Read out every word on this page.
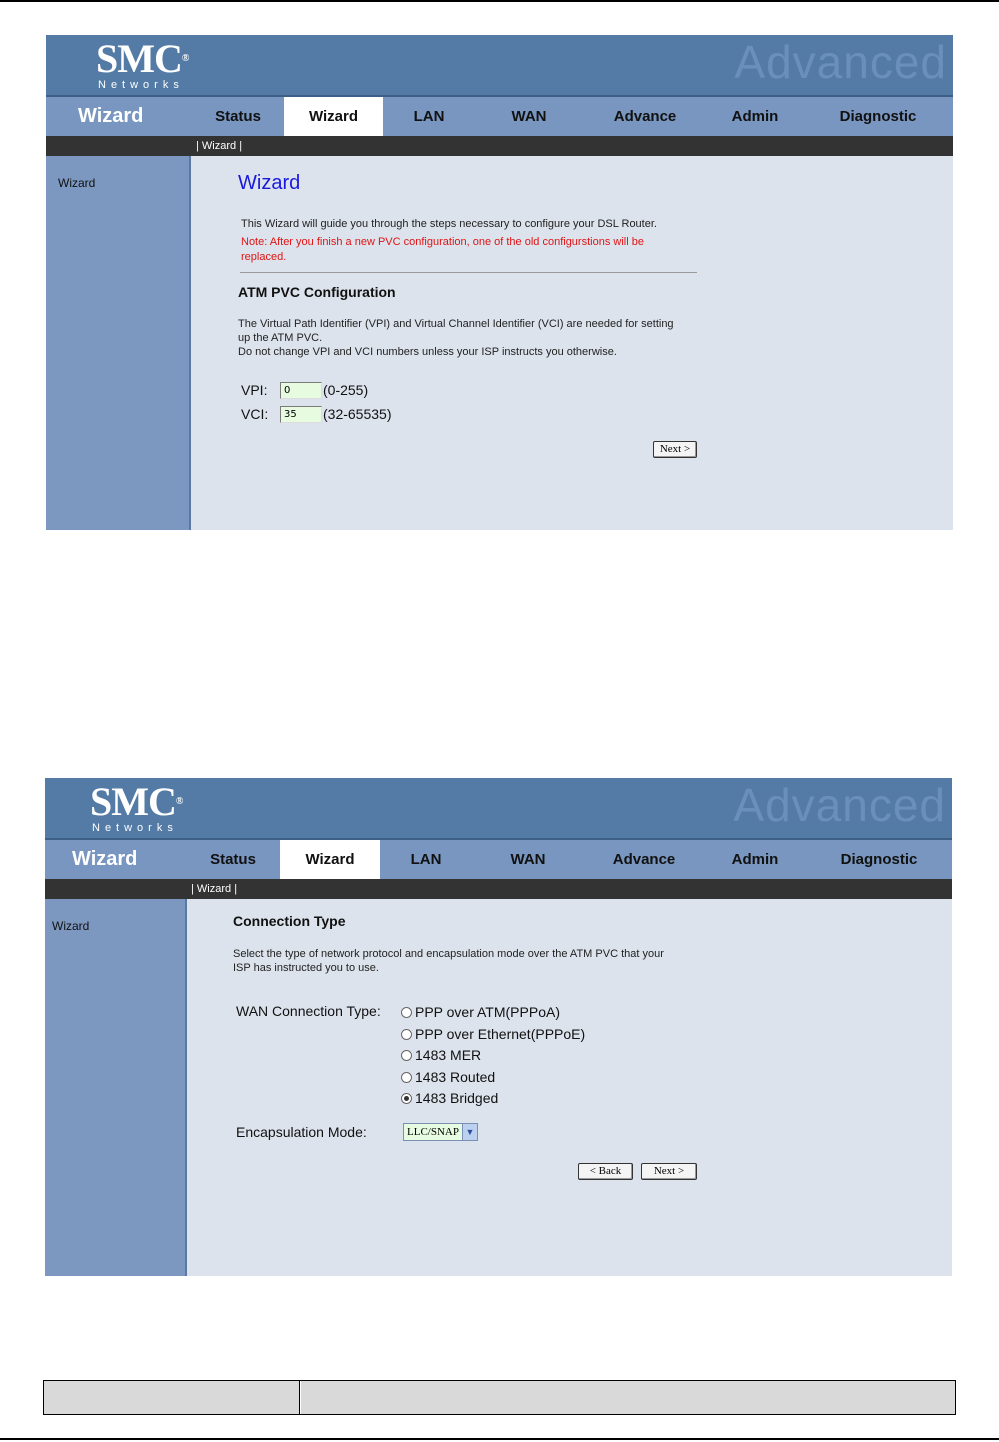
SMC®
Networks	Advanced
Wizard	Status	Wizard	LAN	WAN	Advance	Admin	Diagnostic
| Wizard |
Wizard	Wizard
This Wizard will guide you through the steps necessary to configure your DSL Router.
Note: After you finish a new PVC configuration, one of the old configurstions will be
replaced.
ATM PVC Configuration
The Virtual Path Identifier (VPI) and Virtual Channel Identifier (VCI) are needed for setting
up the ATM PVC.
Do not change VPI and VCI numbers unless your ISP instructs you otherwise.
VPI:	0	(0-255)
VCI:	35	(32-65535)
Next >
SMC®
Networks	Advanced
Wizard	Status	Wizard	LAN	WAN	Advance	Admin	Diagnostic
| Wizard |
Wizard	Connection Type
Select the type of network protocol and encapsulation mode over the ATM PVC that your
ISP has instructed you to use.
WAN Connection Type:	PPP over ATM(PPPoA)
PPP over Ethernet(PPPoE)
1483 MER
1483 Routed
1483 Bridged
Encapsulation Mode:	LLC/SNAP ▼
< Back	Next >
